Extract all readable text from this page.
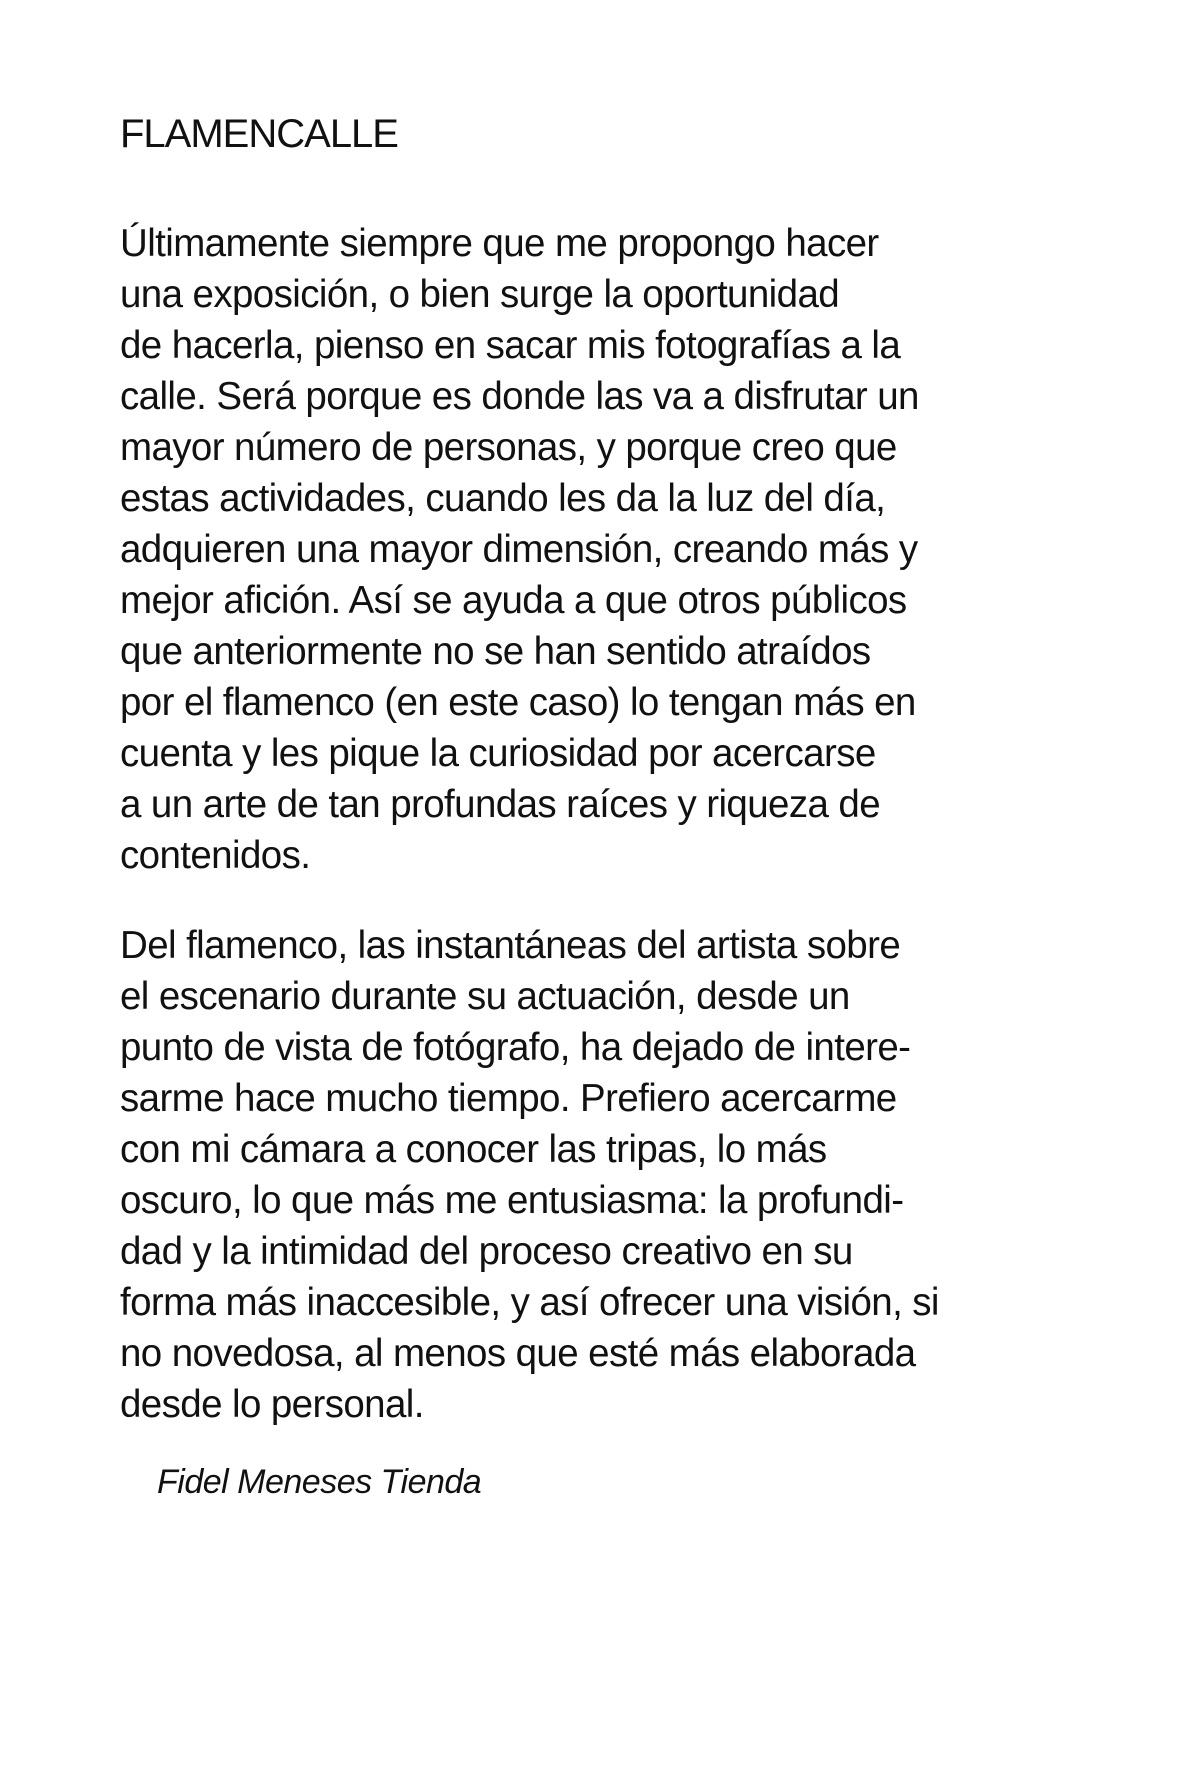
FLAMENCALLE
Últimamente siempre que me propongo hacer
una exposición, o bien surge la oportunidad
de hacerla, pienso en sacar mis fotografías a la
calle. Será porque es donde las va a disfrutar un
mayor número de personas, y porque creo que
estas actividades, cuando les da la luz del día,
adquieren una mayor dimensión, creando más y
mejor afición. Así se ayuda a que otros públicos
que anteriormente no se han sentido atraídos
por el flamenco (en este caso) lo tengan más en
cuenta y les pique la curiosidad por acercarse
a un arte de tan profundas raíces y riqueza de
contenidos.
Del flamenco, las instantáneas del artista sobre
el escenario durante su actuación, desde un
punto de vista de fotógrafo, ha dejado de intere-
sarme hace mucho tiempo. Prefiero acercarme
con mi cámara a conocer las tripas, lo más
oscuro, lo que más me entusiasma: la profundi-
dad y la intimidad del proceso creativo en su
forma más inaccesible, y así ofrecer una visión, si
no novedosa, al menos que esté más elaborada
desde lo personal.
Fidel Meneses Tienda
